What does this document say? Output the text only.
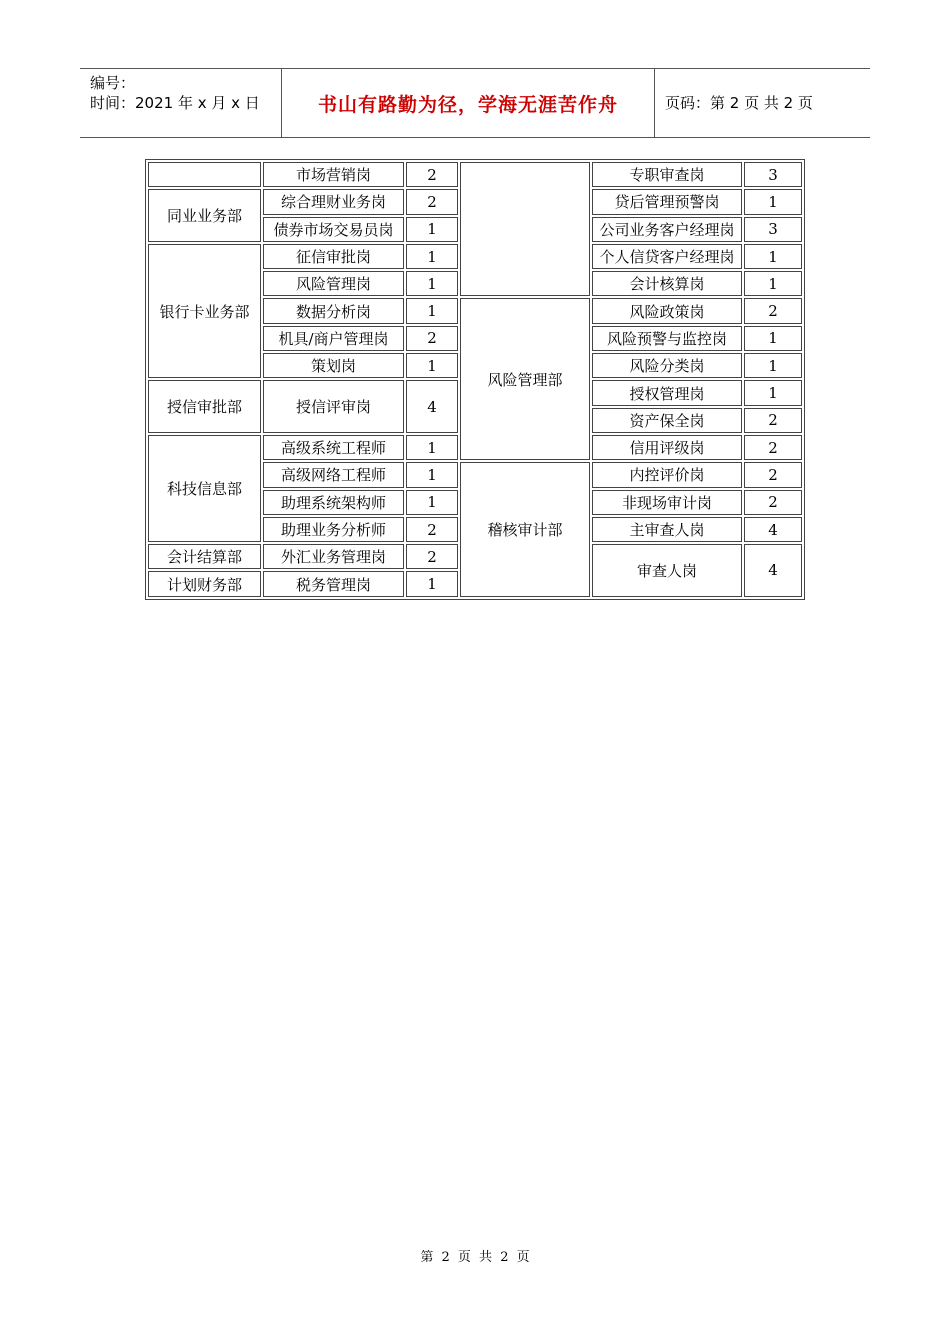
编号：
时间：2021 年 x 月 x 日	书山有路勤为径，学海无涯苦作舟	页码：第 2 页 共 2 页
	市场营销岗	2		专职审查岗	3
同业业务部	综合理财业务岗	2		贷后管理预警岗	1
	债券市场交易员岗	1		公司业务客户经理岗	3
银行卡业务部	征信审批岗	1		个人信贷客户经理岗	1
	风险管理岗	1		会计核算岗	1
	数据分析岗	1	风险管理部	风险政策岗	2
	机具/商户管理岗	2		风险预警与监控岗	1
	策划岗	1		风险分类岗	1
授信审批部	授信评审岗	4		授权管理岗	1
				资产保全岗	2
科技信息部	高级系统工程师	1		信用评级岗	2
	高级网络工程师	1	稽核审计部	内控评价岗	2
	助理系统架构师	1		非现场审计岗	2
	助理业务分析师	2		主审查人岗	4
会计结算部	外汇业务管理岗	2		审查人岗	4
计划财务部	税务管理岗	1			
第 2 页 共 2 页
